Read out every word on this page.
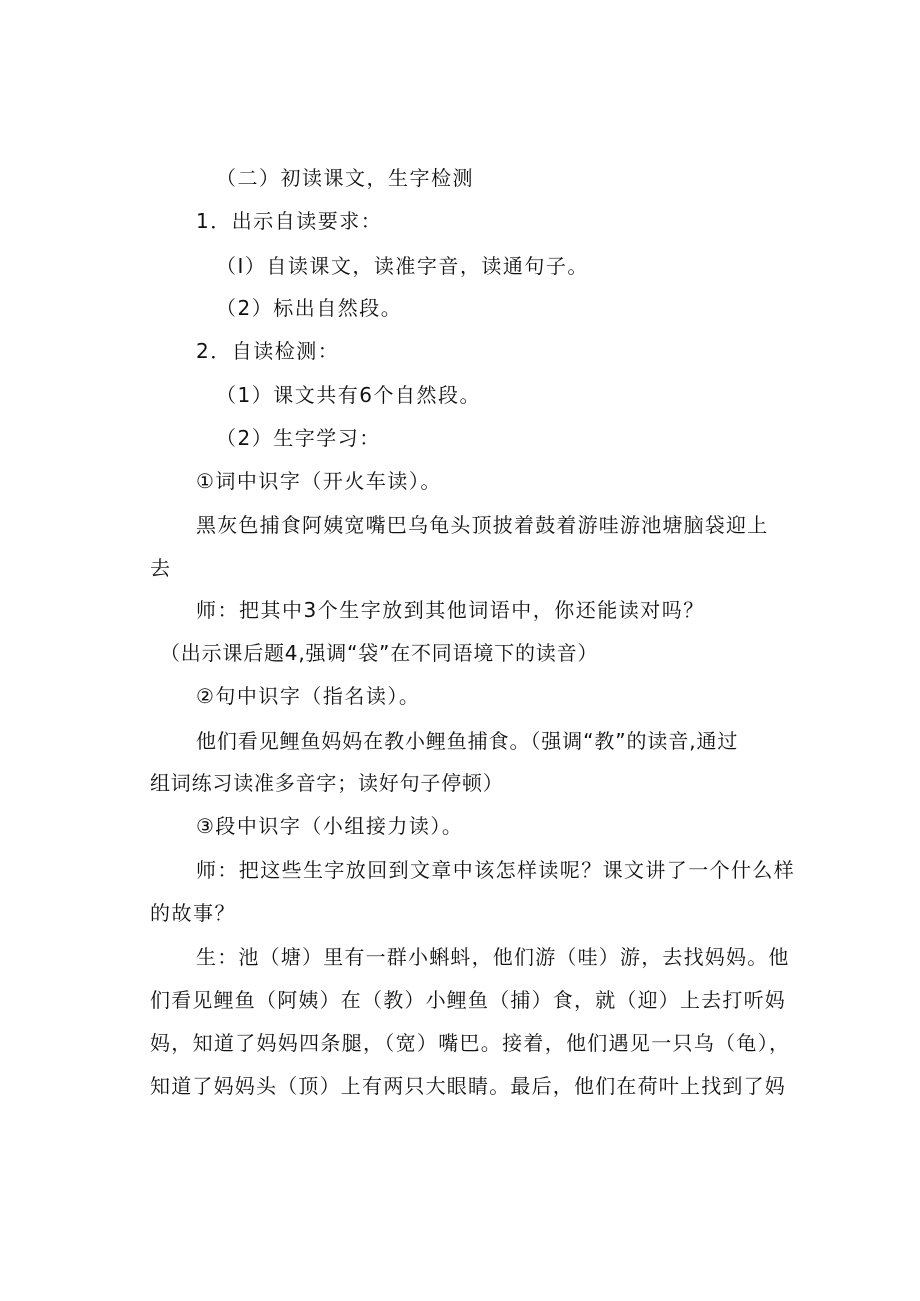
（二）初读课文，生字检测
1．出示自读要求：
（I）自读课文，读准字音，读通句子。
（2）标出自然段。
2．自读检测：
（1）课文共有6个自然段。
（2）生字学习：
①词中识字（开火车读）。
黑灰色捕食阿姨宽嘴巴乌龟头顶披着鼓着游哇游池塘脑袋迎上
去
师：把其中3个生字放到其他词语中，你还能读对吗？
（出示课后题4,强调“袋”在不同语境下的读音）
②句中识字（指名读）。
他们看见鲤鱼妈妈在教小鲤鱼捕食。（强调“教”的读音,通过
组词练习读准多音字；读好句子停顿）
③段中识字（小组接力读）。
师：把这些生字放回到文章中该怎样读呢？课文讲了一个什么样
的故事？
生：池（塘）里有一群小蝌蚪，他们游（哇）游，去找妈妈。他
们看见鲤鱼（阿姨）在（教）小鲤鱼（捕）食，就（迎）上去打听妈
妈，知道了妈妈四条腿，（宽）嘴巴。接着，他们遇见一只乌（龟），
知道了妈妈头（顶）上有两只大眼睛。最后，他们在荷叶上找到了妈
